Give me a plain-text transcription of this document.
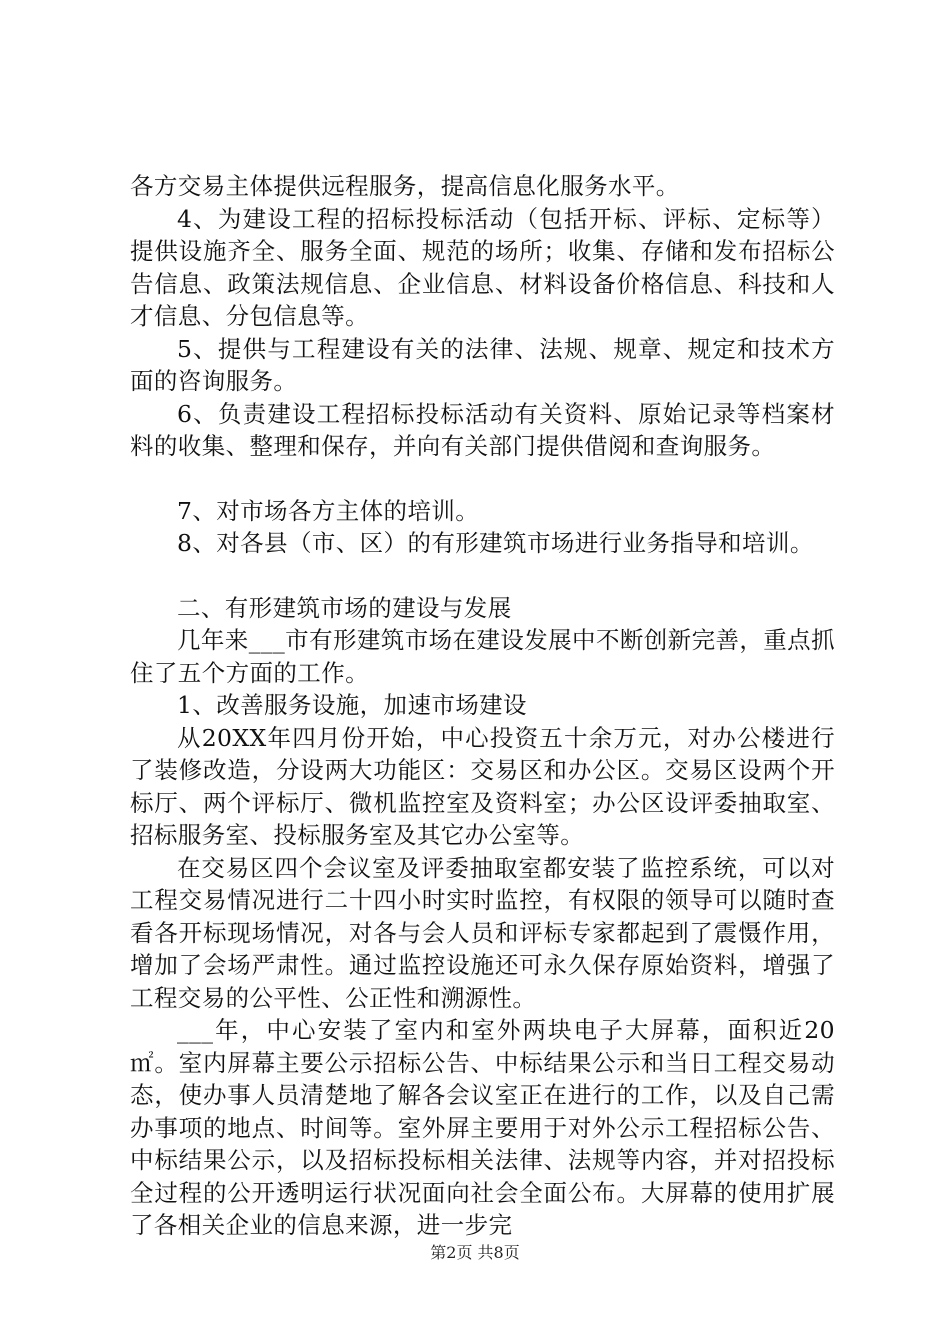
各方交易主体提供远程服务，提高信息化服务水平。

4、为建设工程的招标投标活动（包括开标、评标、定标等）提供设施齐全、服务全面、规范的场所；收集、存储和发布招标公告信息、政策法规信息、企业信息、材料设备价格信息、科技和人才信息、分包信息等。

5、提供与工程建设有关的法律、法规、规章、规定和技术方面的咨询服务。

6、负责建设工程招标投标活动有关资料、原始记录等档案材料的收集、整理和保存，并向有关部门提供借阅和查询服务。

7、对市场各方主体的培训。

8、对各县（市、区）的有形建筑市场进行业务指导和培训。

二、有形建筑市场的建设与发展

几年来___市有形建筑市场在建设发展中不断创新完善，重点抓住了五个方面的工作。

1、改善服务设施，加速市场建设

从20XX年四月份开始，中心投资五十余万元，对办公楼进行了装修改造，分设两大功能区：交易区和办公区。交易区设两个开标厅、两个评标厅、微机监控室及资料室；办公区设评委抽取室、招标服务室、投标服务室及其它办公室等。

在交易区四个会议室及评委抽取室都安装了监控系统，可以对工程交易情况进行二十四小时实时监控，有权限的领导可以随时查看各开标现场情况，对各与会人员和评标专家都起到了震慑作用，增加了会场严肃性。通过监控设施还可永久保存原始资料，增强了工程交易的公平性、公正性和溯源性。

___年，中心安装了室内和室外两块电子大屏幕，面积近20㎡。室内屏幕主要公示招标公告、中标结果公示和当日工程交易动态，使办事人员清楚地了解各会议室正在进行的工作，以及自己需办事项的地点、时间等。室外屏主要用于对外公示工程招标公告、中标结果公示，以及招标投标相关法律、法规等内容，并对招投标全过程的公开透明运行状况面向社会全面公布。大屏幕的使用扩展了各相关企业的信息来源，进一步完

第2页 共8页
